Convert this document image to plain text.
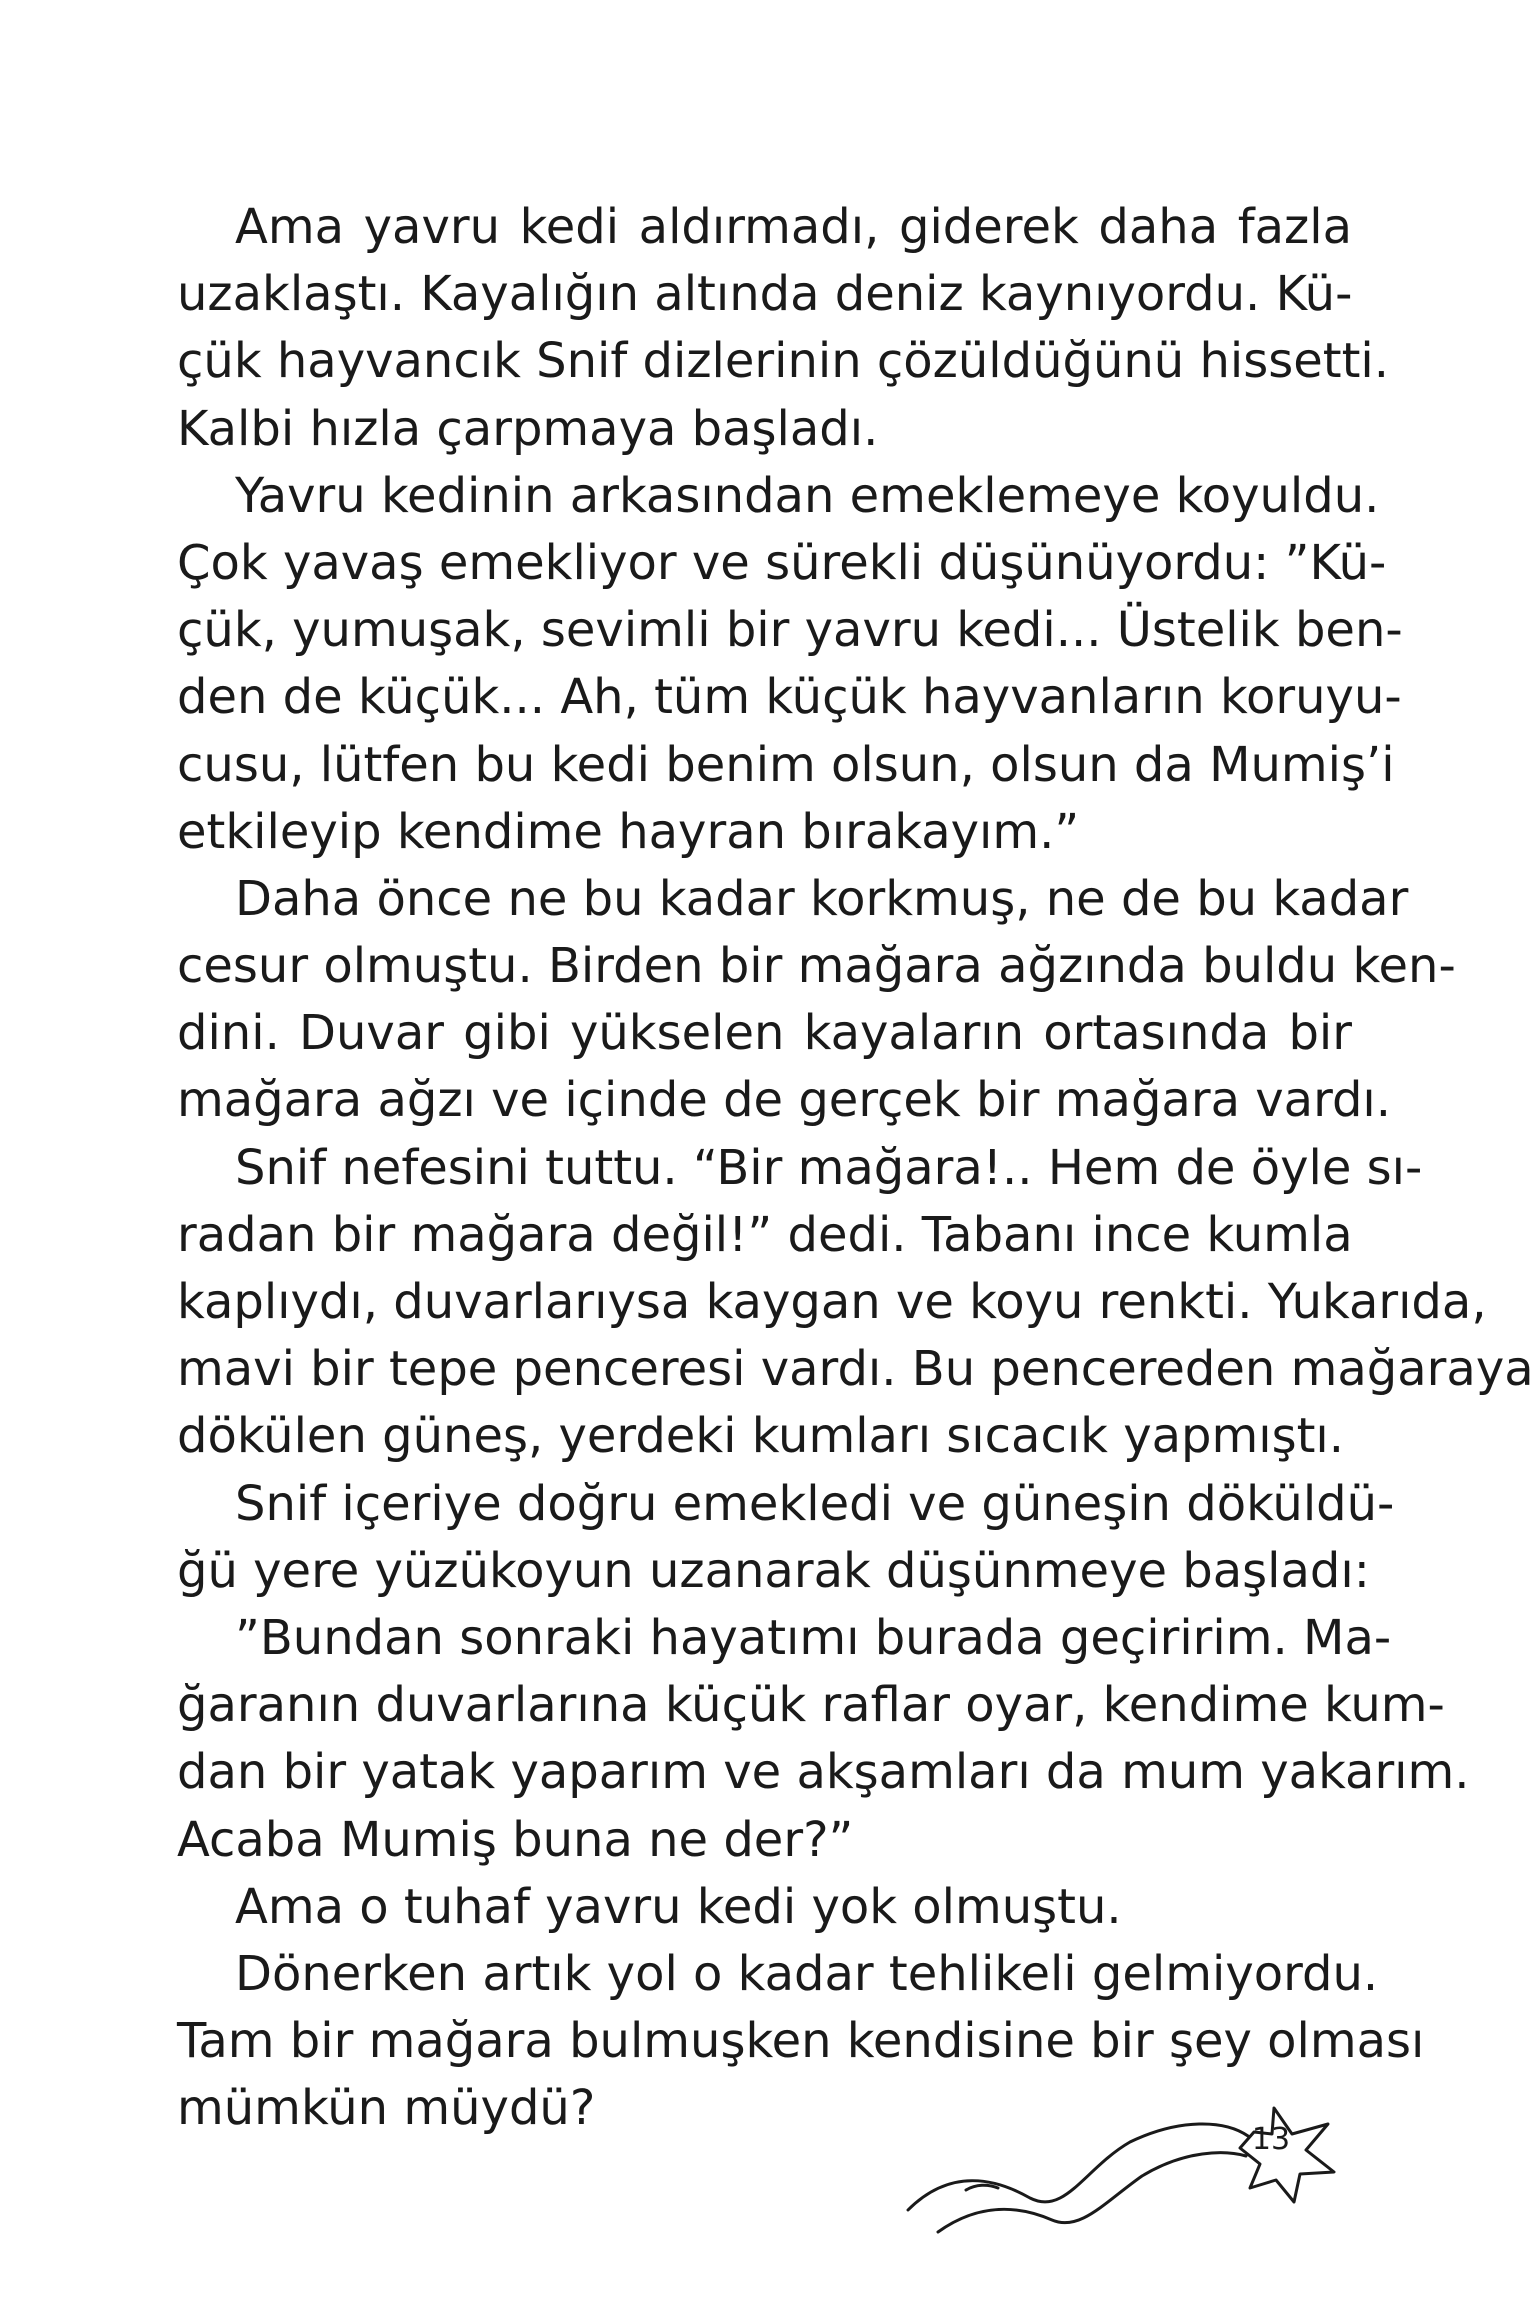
Ama yavru kedi aldırmadı, giderek daha fazla
uzaklaştı. Kayalığın altında deniz kaynıyordu. Kü-
çük hayvancık Snif dizlerinin çözüldüğünü hissetti.
Kalbi hızla çarpmaya başladı.
Yavru kedinin arkasından emeklemeye koyuldu.
Çok yavaş emekliyor ve sürekli düşünüyordu: ”Kü-
çük, yumuşak, sevimli bir yavru kedi... Üstelik ben-
den de küçük... Ah, tüm küçük hayvanların koruyu-
cusu, lütfen bu kedi benim olsun, olsun da Mumiş’i
etkileyip kendime hayran bırakayım.”
Daha önce ne bu kadar korkmuş, ne de bu kadar
cesur olmuştu. Birden bir mağara ağzında buldu ken-
dini. Duvar gibi yükselen kayaların ortasında bir
mağara ağzı ve içinde de gerçek bir mağara vardı.
Snif nefesini tuttu. “Bir mağara!.. Hem de öyle sı-
radan bir mağara değil!” dedi. Tabanı ince kumla
kaplıydı, duvarlarıysa kaygan ve koyu renkti. Yukarıda,
mavi bir tepe penceresi vardı. Bu pencereden mağaraya
dökülen güneş, yerdeki kumları sıcacık yapmıştı.
Snif içeriye doğru emekledi ve güneşin döküldü-
ğü yere yüzükoyun uzanarak düşünmeye başladı:
”Bundan sonraki hayatımı burada geçiririm. Ma-
ğaranın duvarlarına küçük raflar oyar, kendime kum-
dan bir yatak yaparım ve akşamları da mum yakarım.
Acaba Mumiş buna ne der?”
Ama o tuhaf yavru kedi yok olmuştu.
Dönerken artık yol o kadar tehlikeli gelmiyordu.
Tam bir mağara bulmuşken kendisine bir şey olması
mümkün müydü?
13
